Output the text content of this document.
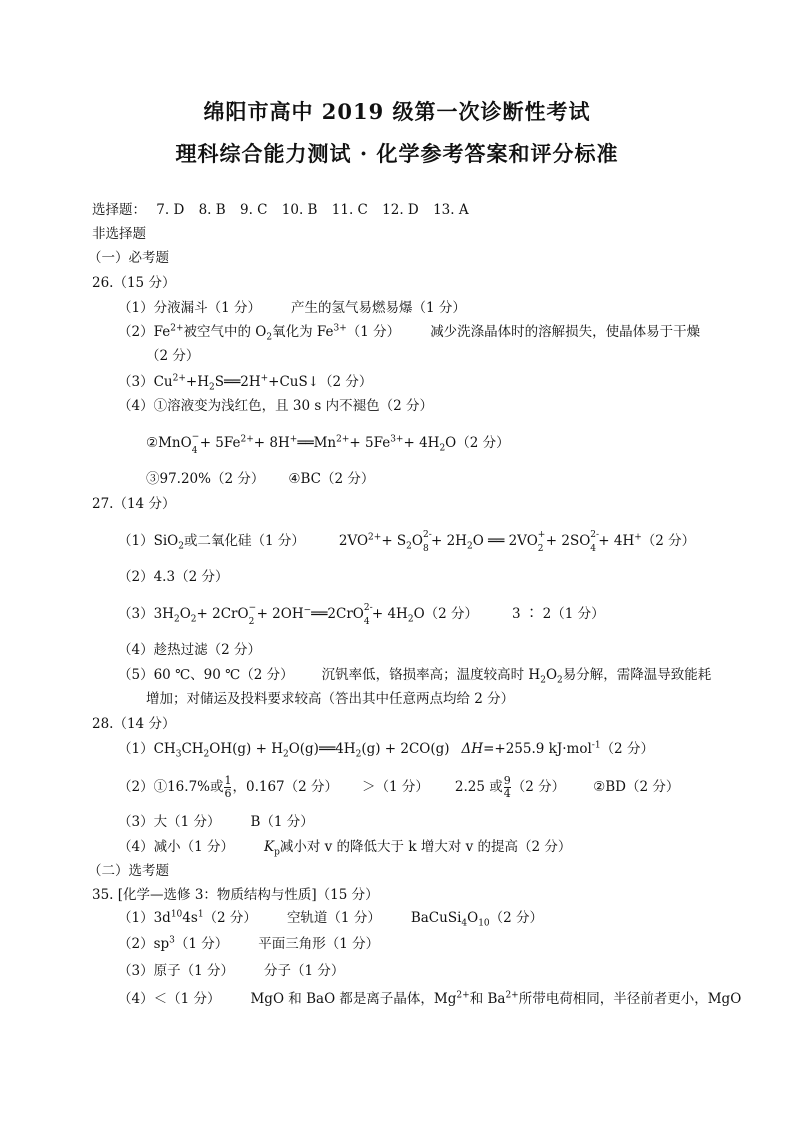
绵阳市高中 2019 级第一次诊断性考试
理科综合能力测试 · 化学参考答案和评分标准
选择题： 7. D 8. B 9. C 10. B 11. C 12. D 13. A
非选择题
（一）必考题
26.（15 分）
（1）分液漏斗（1 分） 产生的氢气易燃易爆（1 分）
$(2)Fe^{2+}$被空气中的 $O_2$氧化为 $Fe^{3+}(1$ 分） 减少洗涤晶体时的溶解损失，使晶体易于干燥
（2 分）
$(3)Cu^{2+}+H_2S══2H^++CuS↓(2$ 分）
（4）①溶液变为浅红色，且 30 s 内不褪色（2 分）
②MnO −
$4 + 5Fe^{2+}+$ $8H^+══Mn^{2+}+ 5Fe^{3+}+ 4H_2O(2$ 分）
③97.20%（2 分） ④BC（2 分）
27.（14 分）
（1）SiO$_2$或二氧化硅（1 分）	$2VO^{2+}+ S_2O$ 2-
$8 + 2H_2O$ ══ 2VO +
2 + 2SO 2-
4 + 4H+（2 分）
（2）4.3（2 分）
$(3)3H_2O_2+ 2CrO$ −
2 + 2OH−══2CrO 2-
$4 + 4H_2O(2$ 分）	3 ∶ 2（1 分）
（4）趁热过滤（2 分）
（5）60 ℃、90 ℃（2 分） 沉钒率低，铬损率高；温度较高时 $H_2O_2$易分解，需降温导致能耗
增加；对储运及投料要求较高（答出其中任意两点均给 2 分）
28.（14 分）
$(1)CH_3CH_2OH(g)$ + $H_2O(g)══4H_2(g) + 2CO(g)$ ΔH=+255.9 kJ·mol$^{-1}$（2 分）
（2）①16.7%或 $\frac{1}{6}$ ，0.167（2 分） ＞（1 分） 2.25 或 $\frac{9}{4} (2$ 分） ②BD（2 分）
（3）大（1 分） B（1 分）
（4）减小（1 分） $K_p$减小对 v 的降低大于 k 增大对 v 的提高（2 分）
（二）选考题
35. [化学—选修 3：物质结构与性质]（15 分）
$(1)3d^{10}4s^1(2$ 分） 空轨道（1 分） $BaCuSi_4O_{10}(2$ 分）
$(2)sp^3(1$ 分） 平面三角形（1 分）
（3）原子（1 分） 分子（1 分）
（4）＜（1 分） MgO 和 BaO 都是离子晶体，$Mg^{2+}$和 $Ba^{2+}$所带电荷相同，半径前者更小，MgO
